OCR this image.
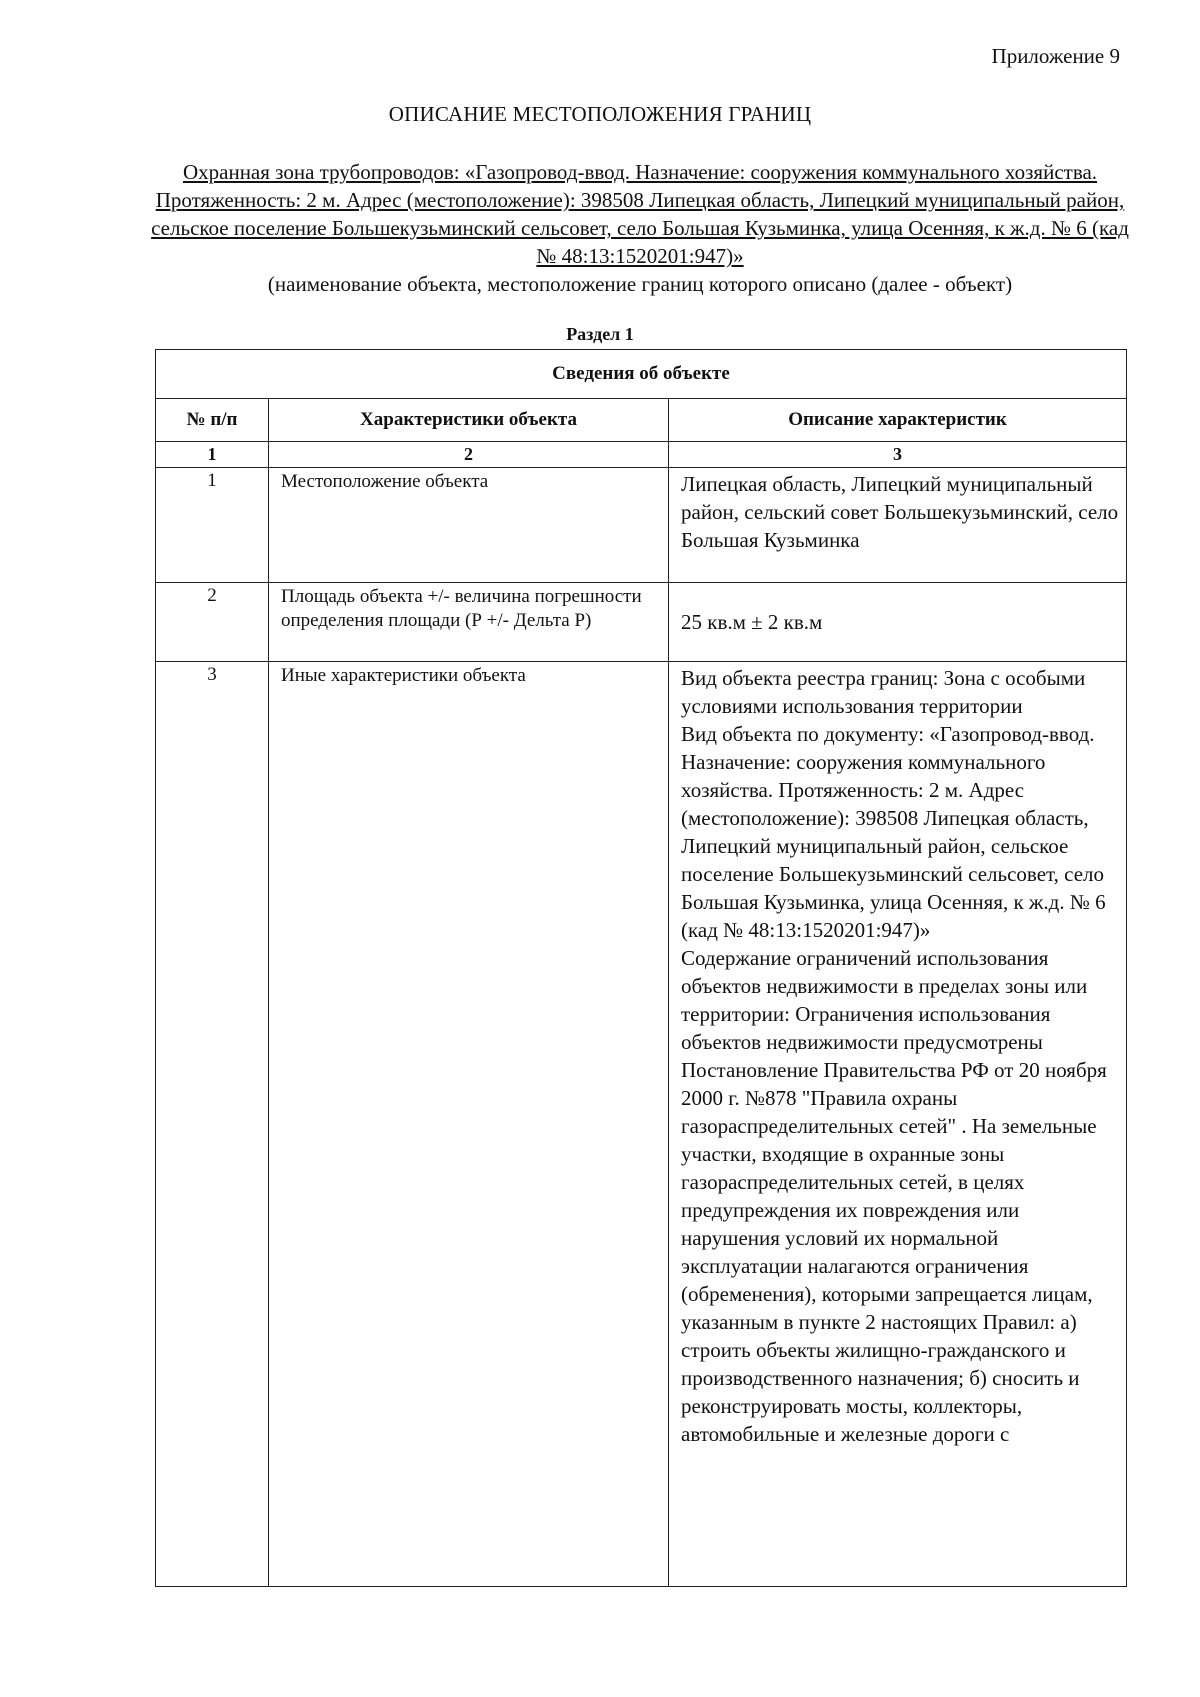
Приложение 9
ОПИСАНИЕ МЕСТОПОЛОЖЕНИЯ ГРАНИЦ
Охранная зона трубопроводов: «Газопровод-ввод. Назначение: сооружения коммунального хозяйства. Протяженность: 2 м. Адрес (местоположение): 398508 Липецкая область, Липецкий муниципальный район, сельское поселение Большекузьминский сельсовет, село Большая Кузьминка, улица Осенняя, к ж.д. № 6 (кад № 48:13:1520201:947)»
(наименование объекта, местоположение границ которого описано (далее - объект)
Раздел 1
Сведения об объекте		
№ п/п	Характеристики объекта	Описание характеристик
1	2	3
1	Местоположение объекта	Липецкая область, Липецкий муниципальный район, сельский совет Большекузьминский, село Большая Кузьминка
2	Площадь объекта +/- величина погрешности определения площади (Р +/- Дельта Р)	25 кв.м ± 2 кв.м
3	Иные характеристики объекта	Вид объекта реестра границ: Зона с особыми условиями использования территории
Вид объекта по документу: «Газопровод-ввод. Назначение: сооружения коммунального хозяйства. Протяженность: 2 м. Адрес (местоположение): 398508 Липецкая область, Липецкий муниципальный район, сельское поселение Большекузьминский сельсовет, село Большая Кузьминка, улица Осенняя, к ж.д. № 6 (кад № 48:13:1520201:947)»
Содержание ограничений использования объектов недвижимости в пределах зоны или территории: Ограничения использования объектов недвижимости предусмотрены Постановление Правительства РФ от 20 ноября 2000 г. №878 "Правила охраны газораспределительных сетей" . На земельные участки, входящие в охранные зоны газораспределительных сетей, в целях предупреждения их повреждения или нарушения условий их нормальной эксплуатации налагаются ограничения (обременения), которыми запрещается лицам, указанным в пункте 2 настоящих Правил: а) строить объекты жилищно-гражданского и производственного назначения; б) сносить и реконструировать мосты, коллекторы, автомобильные и железные дороги с
